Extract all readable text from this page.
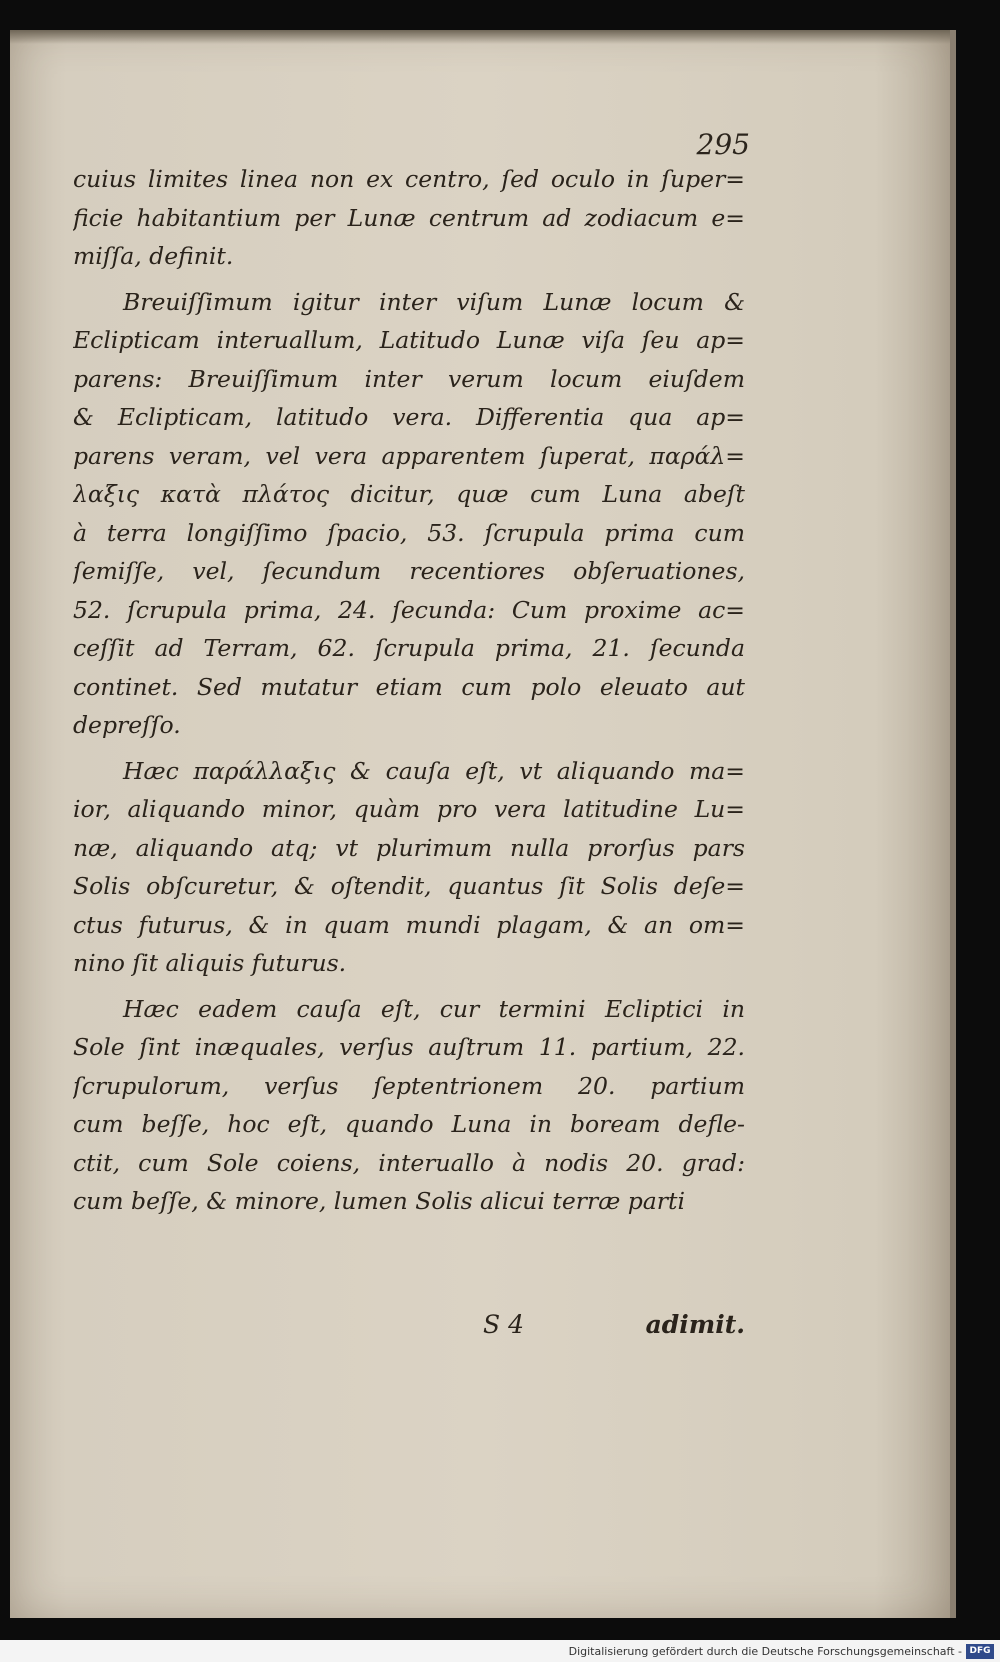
295
cuius limites linea non ex centro, ſed oculo in ſuper=
ficie habitantium per Lunæ centrum ad zodiacum e=
miſſa, definit.
Breuiſſimum igitur inter viſum Lunæ locum &
Eclipticam interuallum, Latitudo Lunæ viſa ſeu ap=
parens: Breuiſſimum inter verum locum eiuſdem
& Eclipticam, latitudo vera. Differentia qua ap=
parens veram, vel vera apparentem ſuperat, παράλ=
λαξις κατὰ πλάτος dicitur, quæ cum Luna abeſt
à terra longiſſimo ſpacio, 53. ſcrupula prima cum
ſemiſſe, vel, ſecundum recentiores obſeruationes,
52. ſcrupula prima, 24. ſecunda: Cum proxime ac=
ceſſit ad Terram, 62. ſcrupula prima, 21. ſecunda
continet. Sed mutatur etiam cum polo eleuato aut
depreſſo.
Hæc παράλλαξις & cauſa eſt, vt aliquando ma=
ior, aliquando minor, quàm pro vera latitudine Lu=
næ, aliquando atq; vt plurimum nulla prorſus pars
Solis obſcuretur, & oſtendit, quantus ſit Solis deſe=
ctus futurus, & in quam mundi plagam, & an om=
nino ſit aliquis futurus.
Hæc eadem cauſa eſt, cur termini Ecliptici in
Sole ſint inæquales, verſus auſtrum 11. partium, 22.
ſcrupulorum, verſus ſeptentrionem 20. partium
cum beſſe, hoc eſt, quando Luna in boream defle-
ctit, cum Sole coiens, interuallo à nodis 20. grad:
cum beſſe, & minore, lumen Solis alicui terræ parti
S 4	adimit.
Digitalisierung gefördert durch die Deutsche Forschungsgemeinschaft - DFG
